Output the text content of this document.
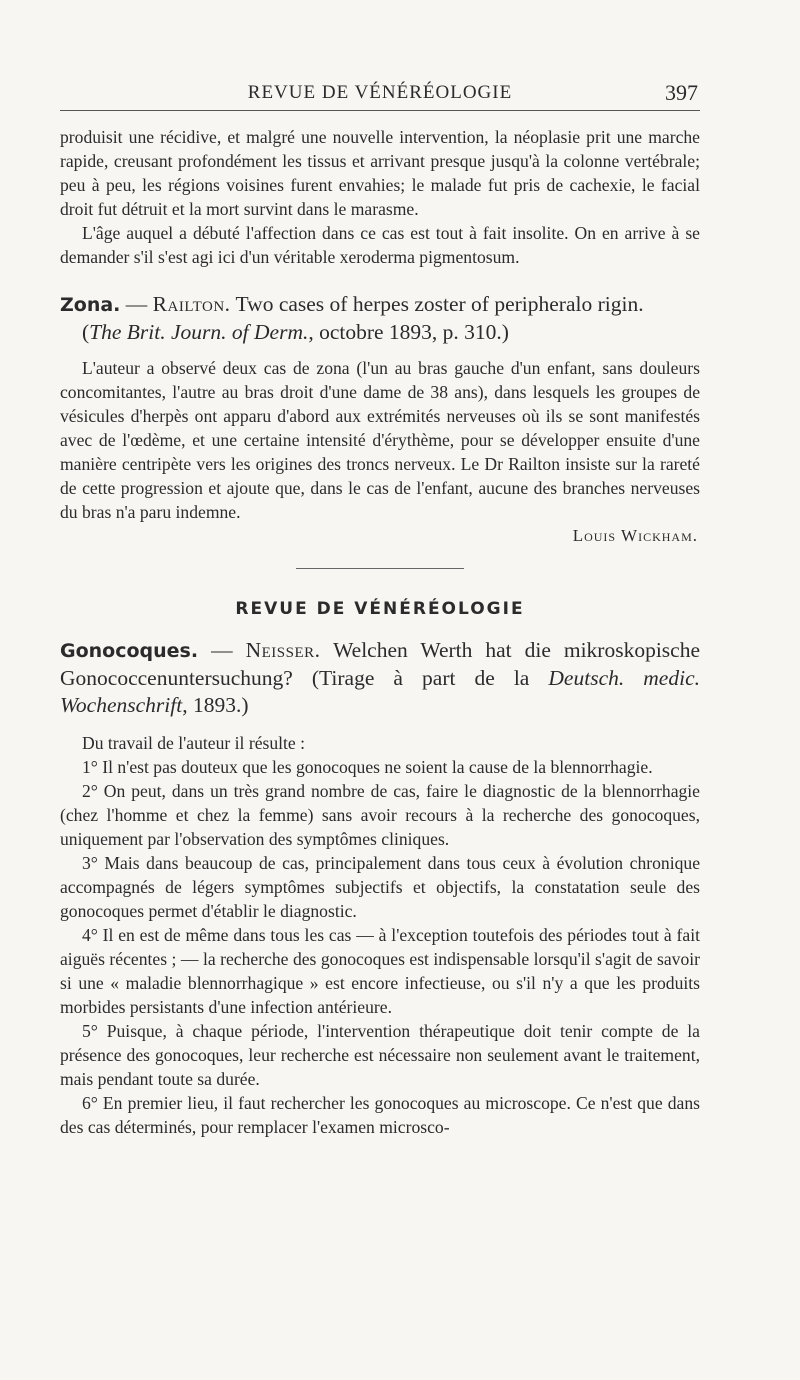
REVUE DE VÉNÉRÉOLOGIE	397

produisit une récidive, et malgré une nouvelle intervention, la néoplasie prit une marche rapide, creusant profondément les tissus et arrivant presque jusqu'à la colonne vertébrale; peu à peu, les régions voisines furent envahies; le malade fut pris de cachexie, le facial droit fut détruit et la mort survint dans le marasme.

L'âge auquel a débuté l'affection dans ce cas est tout à fait insolite. On en arrive à se demander s'il s'est agi ici d'un véritable xeroderma pigmentosum.

Zona. — Railton. Two cases of herpes zoster of peripheralo rigin.
(The Brit. Journ. of Derm., octobre 1893, p. 310.)

L'auteur a observé deux cas de zona (l'un au bras gauche d'un enfant, sans douleurs concomitantes, l'autre au bras droit d'une dame de 38 ans), dans lesquels les groupes de vésicules d'herpès ont apparu d'abord aux extrémités nerveuses où ils se sont manifestés avec de l'œdème, et une certaine intensité d'érythème, pour se développer ensuite d'une manière centripète vers les origines des troncs nerveux. Le Dr Railton insiste sur la rareté de cette progression et ajoute que, dans le cas de l'enfant, aucune des branches nerveuses du bras n'a paru indemne.

Louis Wickham.
REVUE DE VÉNÉRÉOLOGIE
Gonocoques. — Neisser. Welchen Werth hat die mikroskopische Gonococcenuntersuchung? (Tirage à part de la Deutsch. medic. Wochenschrift, 1893.)

Du travail de l'auteur il résulte :

1° Il n'est pas douteux que les gonocoques ne soient la cause de la blennorrhagie.

2° On peut, dans un très grand nombre de cas, faire le diagnostic de la blennorrhagie (chez l'homme et chez la femme) sans avoir recours à la recherche des gonocoques, uniquement par l'observation des symptômes cliniques.

3° Mais dans beaucoup de cas, principalement dans tous ceux à évolution chronique accompagnés de légers symptômes subjectifs et objectifs, la constatation seule des gonocoques permet d'établir le diagnostic.

4° Il en est de même dans tous les cas — à l'exception toutefois des périodes tout à fait aiguës récentes ; — la recherche des gonocoques est indispensable lorsqu'il s'agit de savoir si une « maladie blennorrhagique » est encore infectieuse, ou s'il n'y a que les produits morbides persistants d'une infection antérieure.

5° Puisque, à chaque période, l'intervention thérapeutique doit tenir compte de la présence des gonocoques, leur recherche est nécessaire non seulement avant le traitement, mais pendant toute sa durée.

6° En premier lieu, il faut rechercher les gonocoques au microscope. Ce n'est que dans des cas déterminés, pour remplacer l'examen microsco-
